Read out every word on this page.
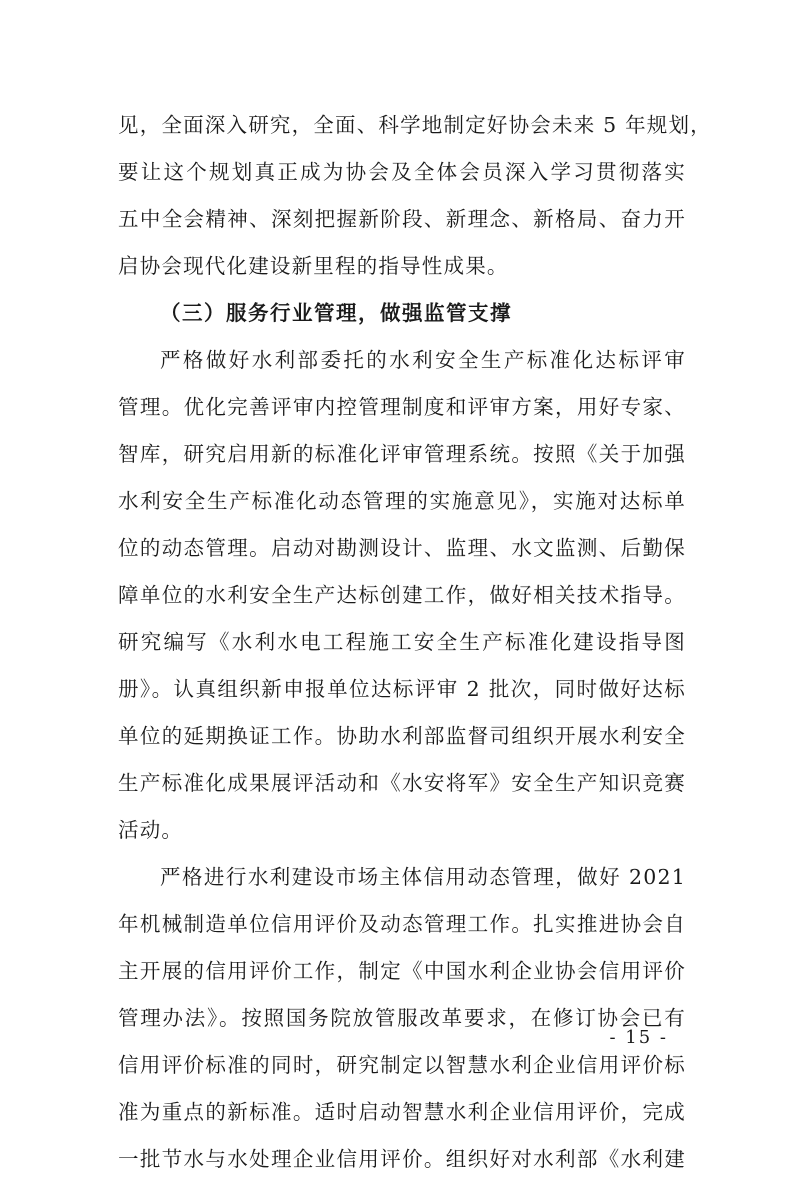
见，全面深入研究，全面、科学地制定好协会未来 5 年规划，
要让这个规划真正成为协会及全体会员深入学习贯彻落实
五中全会精神、深刻把握新阶段、新理念、新格局、奋力开
启协会现代化建设新里程的指导性成果。
（三）服务行业管理，做强监管支撑
严格做好水利部委托的水利安全生产标准化达标评审
管理。优化完善评审内控管理制度和评审方案，用好专家、
智库，研究启用新的标准化评审管理系统。按照《关于加强
水利安全生产标准化动态管理的实施意见》，实施对达标单
位的动态管理。启动对勘测设计、监理、水文监测、后勤保
障单位的水利安全生产达标创建工作，做好相关技术指导。
研究编写《水利水电工程施工安全生产标准化建设指导图
册》。认真组织新申报单位达标评审 2 批次，同时做好达标
单位的延期换证工作。协助水利部监督司组织开展水利安全
生产标准化成果展评活动和《水安将军》安全生产知识竞赛
活动。
严格进行水利建设市场主体信用动态管理，做好 2021
年机械制造单位信用评价及动态管理工作。扎实推进协会自
主开展的信用评价工作，制定《中国水利企业协会信用评价
管理办法》。按照国务院放管服改革要求，在修订协会已有
信用评价标准的同时，研究制定以智慧水利企业信用评价标
准为重点的新标准。适时启动智慧水利企业信用评价，完成
一批节水与水处理企业信用评价。组织好对水利部《水利建
- 15 -
